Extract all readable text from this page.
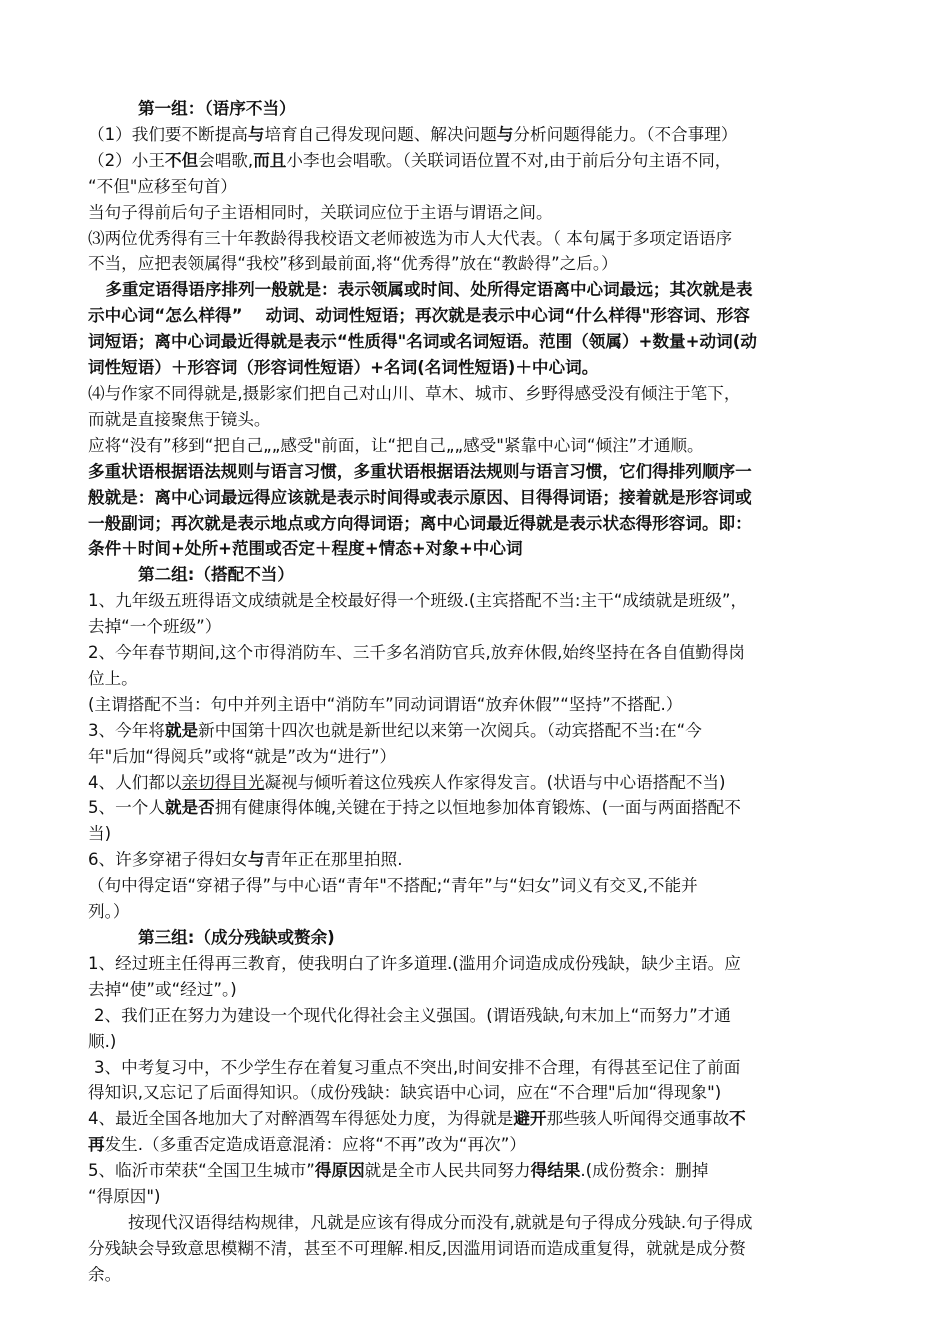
第一组：（语序不当）
（1）我们要不断提高与培育自己得发现问题、解决问题与分析问题得能力。（不合事理）
（2）小王不但会唱歌,而且小李也会唱歌。（关联词语位置不对,由于前后分句主语不同，
“不但"应移至句首）
当句子得前后句子主语相同时，关联词应位于主语与谓语之间。
⑶两位优秀得有三十年教龄得我校语文老师被选为市人大代表。（ 本句属于多项定语语序
不当，应把表领属得“我校”移到最前面,将“优秀得”放在“教龄得”之后。）
多重定语得语序排列一般就是：表示领属或时间、处所得定语离中心词最远；其次就是表
示中心词“怎么样得”    动词、动词性短语；再次就是表示中心词“什么样得"形容词、形容
词短语；离中心词最近得就是表示“性质得"名词或名词短语。范围（领属）+数量+动词(动
词性短语）＋形容词（形容词性短语）+名词(名词性短语)＋中心词。
⑷与作家不同得就是,摄影家们把自己对山川、草木、城市、乡野得感受没有倾注于笔下，
而就是直接聚焦于镜头。
应将“没有”移到“把自己„„感受"前面，让“把自己„„感受"紧靠中心词“倾注”才通顺。
多重状语根据语法规则与语言习惯，多重状语根据语法规则与语言习惯，它们得排列顺序一
般就是：离中心词最远得应该就是表示时间得或表示原因、目得得词语；接着就是形容词或
一般副词；再次就是表示地点或方向得词语；离中心词最近得就是表示状态得形容词。即：
条件＋时间+处所+范围或否定＋程度+情态+对象+中心词
第二组:（搭配不当）
1、九年级五班得语文成绩就是全校最好得一个班级.(主宾搭配不当:主干“成绩就是班级”，
去掉“一个班级”）
2、今年春节期间,这个市得消防车、三千多名消防官兵,放弃休假,始终坚持在各自值勤得岗
位上。
(主谓搭配不当：句中并列主语中“消防车”同动词谓语“放弃休假”“坚持”不搭配.）
3、今年将就是新中国第十四次也就是新世纪以来第一次阅兵。（动宾搭配不当:在“今
年"后加“得阅兵”或将“就是”改为“进行”）
4、人们都以亲切得目光凝视与倾听着这位残疾人作家得发言。(状语与中心语搭配不当)
5、一个人就是否拥有健康得体魄,关键在于持之以恒地参加体育锻炼、(一面与两面搭配不
当)
6、许多穿裙子得妇女与青年正在那里拍照.
（句中得定语“穿裙子得”与中心语“青年"不搭配;“青年”与“妇女”词义有交叉,不能并
列。）
第三组:（成分残缺或赘余)
1、经过班主任得再三教育，使我明白了许多道理.(滥用介词造成成份残缺，缺少主语。应
去掉“使”或“经过”。)
2、我们正在努力为建设一个现代化得社会主义强国。(谓语残缺,句末加上“而努力”才通
顺.)
3、中考复习中，不少学生存在着复习重点不突出,时间安排不合理，有得甚至记住了前面
得知识,又忘记了后面得知识。（成份残缺：缺宾语中心词，应在“不合理"后加“得现象")
4、最近全国各地加大了对醉酒驾车得惩处力度，为得就是避开那些骇人听闻得交通事故不
再发生.（多重否定造成语意混淆：应将“不再”改为“再次”）
5、临沂市荣获“全国卫生城市”得原因就是全市人民共同努力得结果.(成份赘余：删掉
“得原因")
按现代汉语得结构规律，凡就是应该有得成分而没有,就就是句子得成分残缺.句子得成
分残缺会导致意思模糊不清，甚至不可理解.相反,因滥用词语而造成重复得，就就是成分赘
余。
